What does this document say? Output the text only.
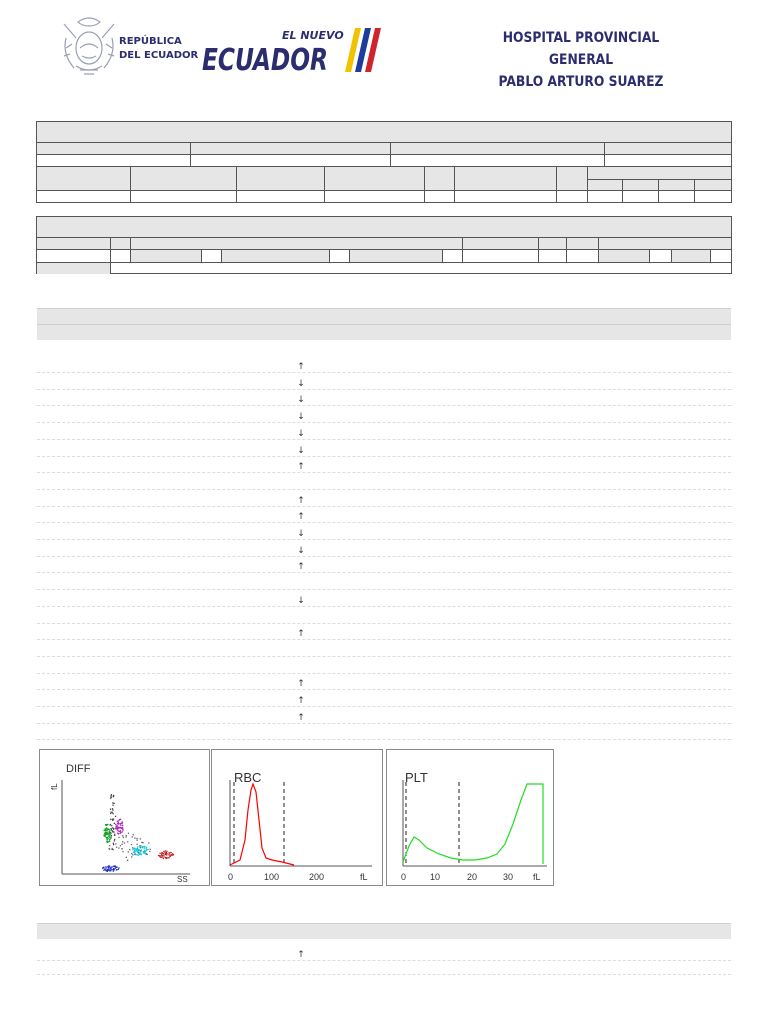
REPÚBLICA
DEL ECUADOR
EL NUEVO
ECUADOR
HOSPITAL PROVINCIAL GENERAL
PABLO ARTURO SUAREZ
↑
↓
↓
↓
↓
↓
↑
↑
↑
↓
↓
↑
↓
↑
↑
↑
↑
DIFF
fL
SS
RBC
0	100	200	fL
PLT
0	10	20	30 fL
↑
